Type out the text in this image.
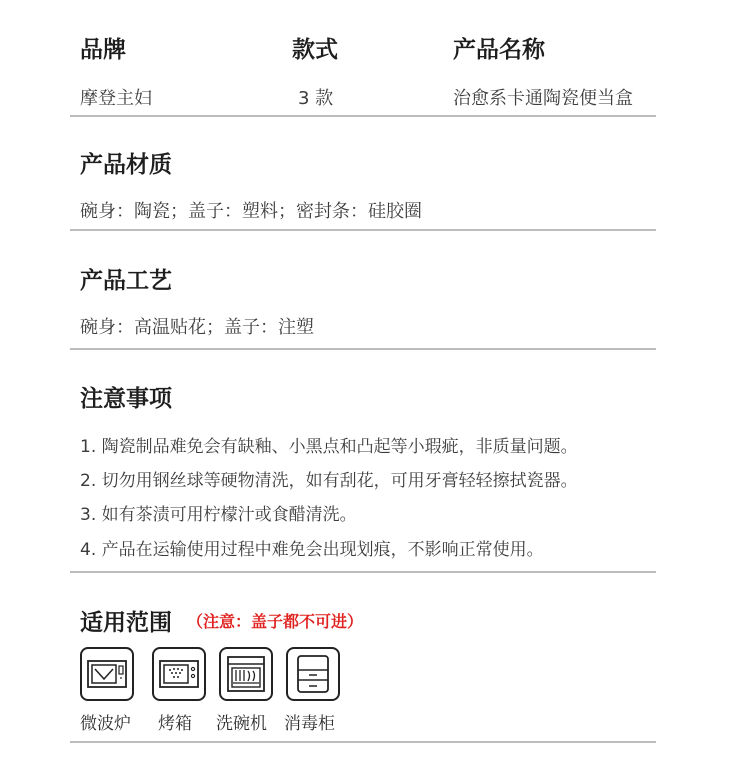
品牌	款式	产品名称
摩登主妇	3 款	治愈系卡通陶瓷便当盒
产品材质
碗身：陶瓷；盖子：塑料；密封条：硅胶圈
产品工艺
碗身：高温贴花；盖子：注塑
注意事项
1. 陶瓷制品难免会有缺釉、小黑点和凸起等小瑕疵，非质量问题。
2. 切勿用钢丝球等硬物清洗，如有刮花，可用牙膏轻轻擦拭瓷器。
3. 如有茶渍可用柠檬汁或食醋清洗。
4. 产品在运输使用过程中难免会出现划痕，不影响正常使用。
适用范围 （注意：盖子都不可进）
微波炉 烤箱 洗碗机 消毒柜
